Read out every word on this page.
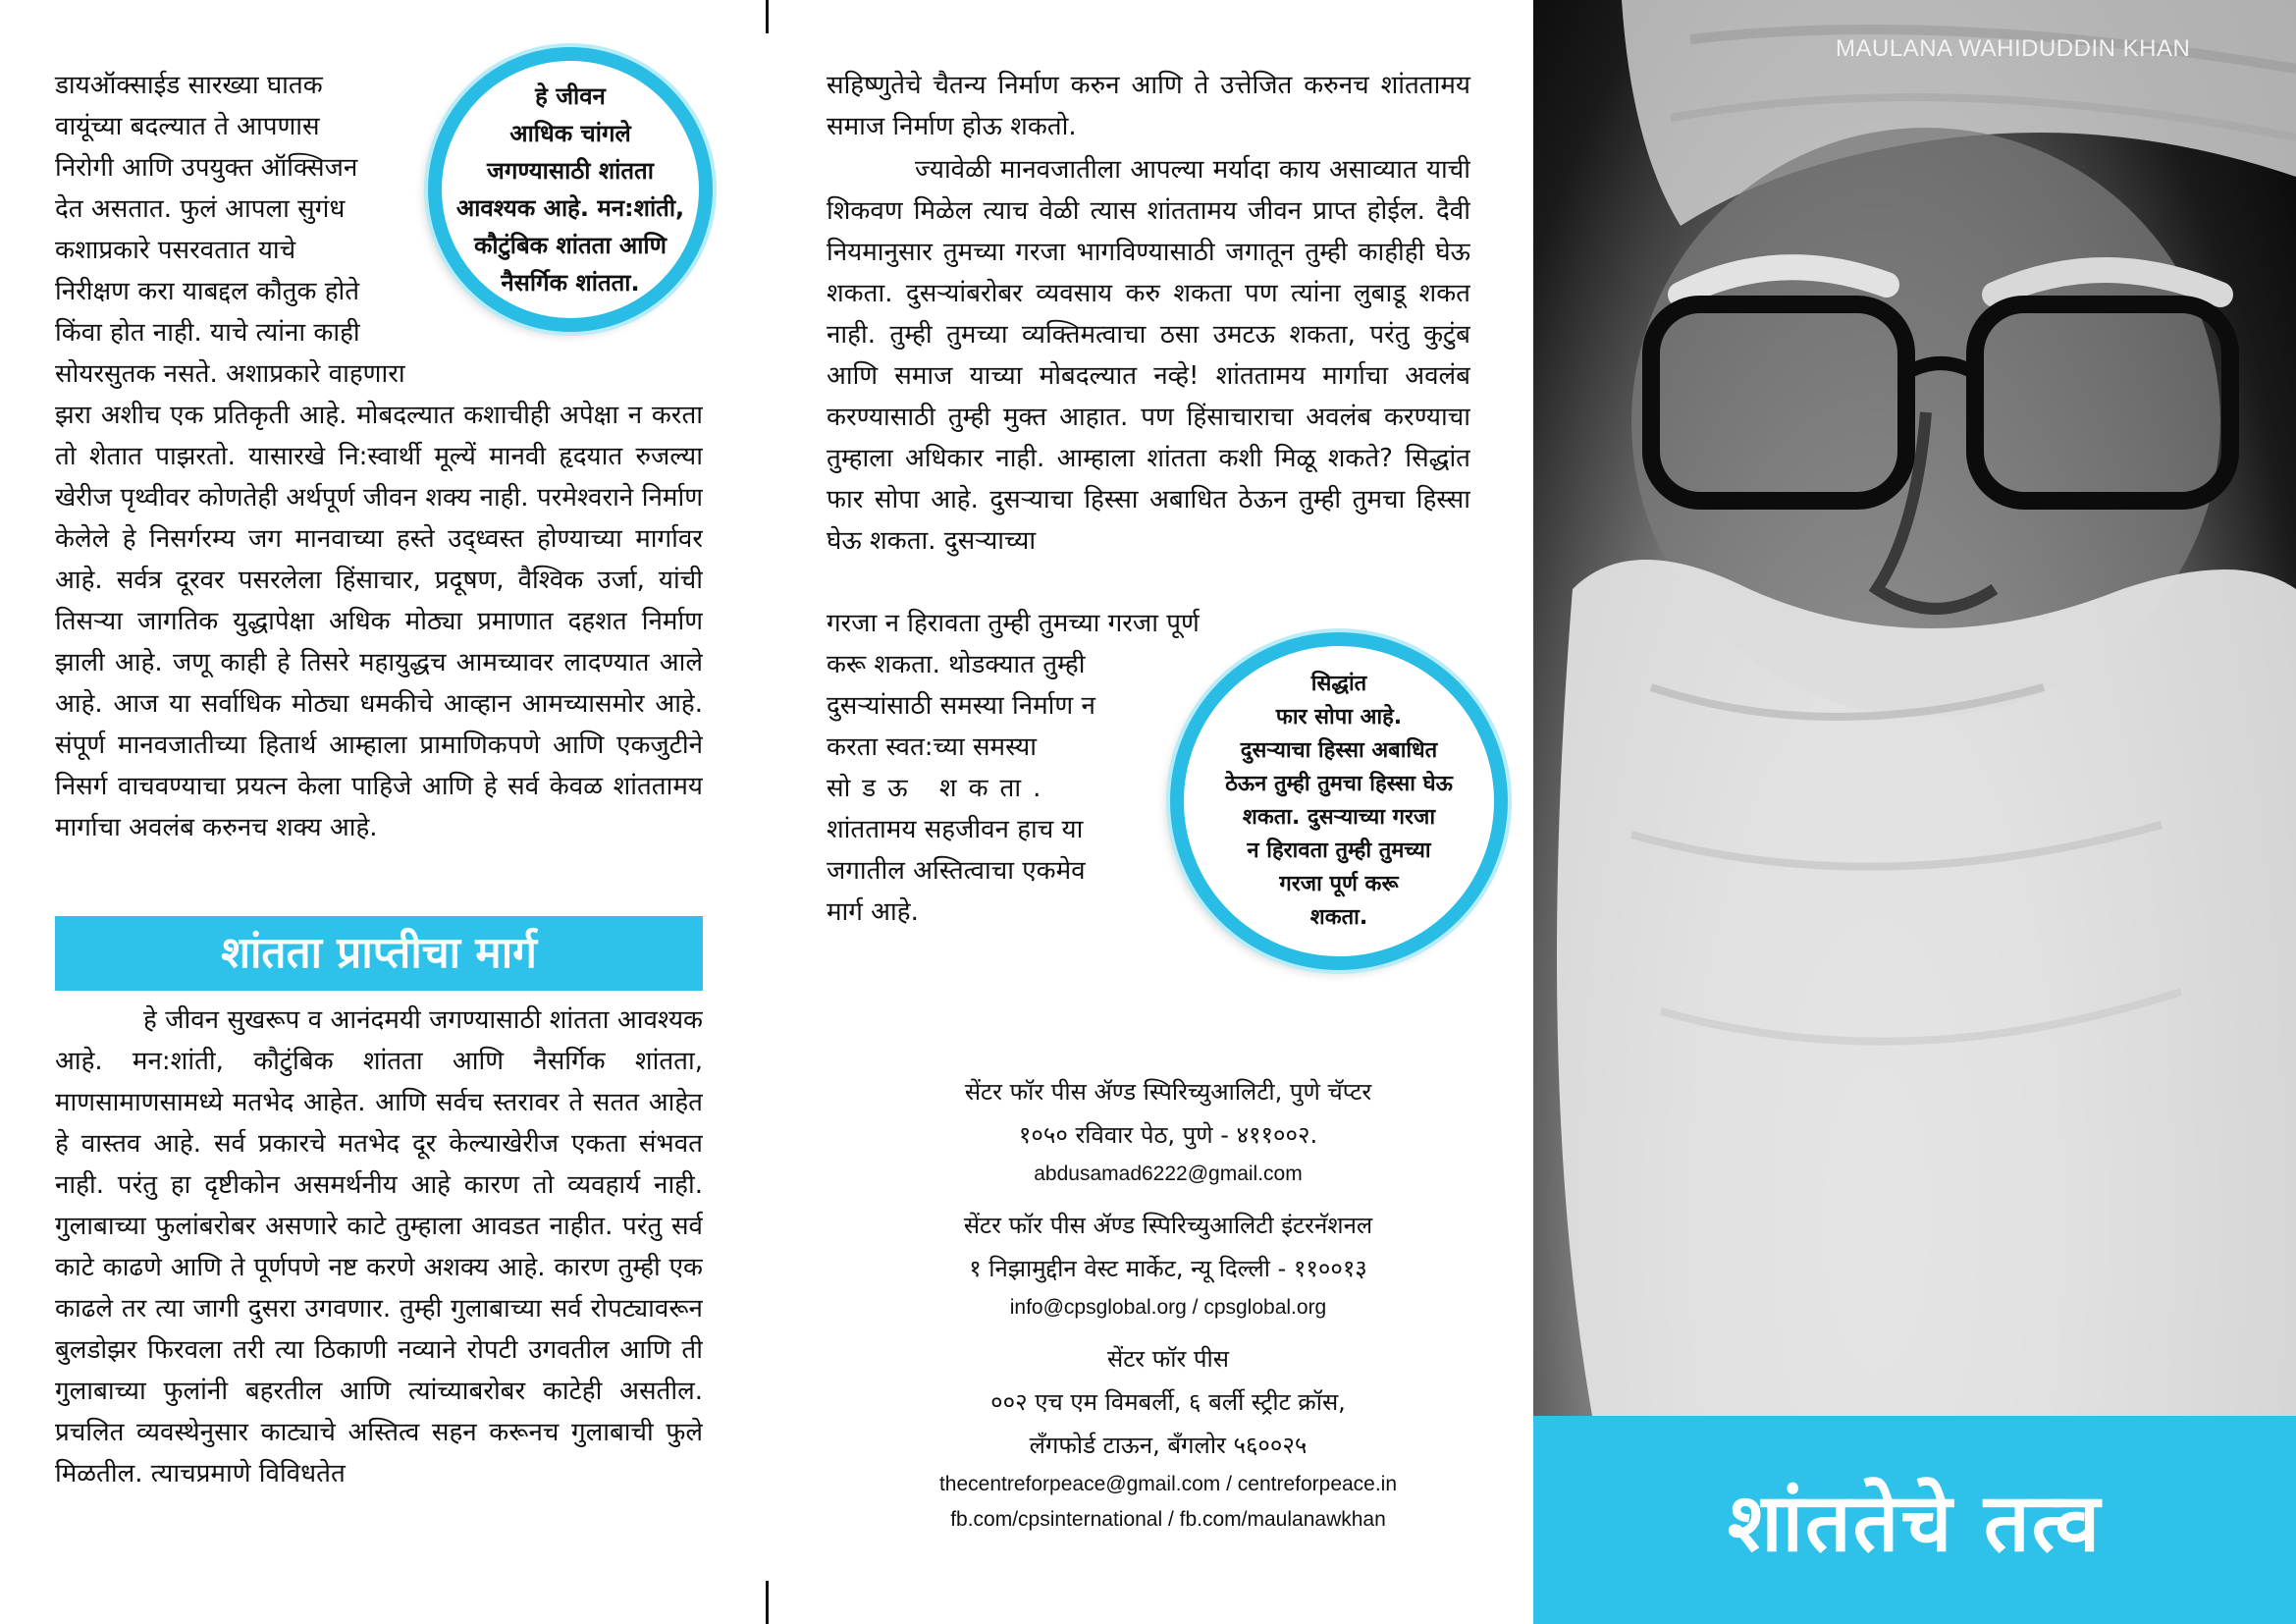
डायऑक्साईड सारख्या घातक

वायूंच्या बदल्यात ते आपणास

निरोगी आणि उपयुक्त ऑक्सिजन

देत असतात. फुलं आपला सुगंध

कशाप्रकारे पसरवतात याचे

निरीक्षण करा याबद्दल कौतुक होते

किंवा होत नाही. याचे त्यांना काही

सोयरसुतक नसते. अशाप्रकारे वाहणारा

झरा अशीच एक प्रतिकृती आहे. मोबदल्यात कशाचीही अपेक्षा न करता तो शेतात पाझरतो. यासारखे नि:स्वार्थी मूल्यें मानवी हृदयात रुजल्या खेरीज पृथ्वीवर कोणतेही अर्थपूर्ण जीवन शक्य नाही. परमेश्वराने निर्माण केलेले हे निसर्गरम्य जग मानवाच्या हस्ते उद्ध्वस्त होण्याच्या मार्गावर आहे. सर्वत्र दूरवर पसरलेला हिंसाचार, प्रदूषण, वैश्विक उर्जा, यांची तिसऱ्या जागतिक युद्धापेक्षा अधिक मोठ्या प्रमाणात दहशत निर्माण झाली आहे. जणू काही हे तिसरे महायुद्धच आमच्यावर लादण्यात आले आहे. आज या सर्वाधिक मोठ्या धमकीचे आव्हान आमच्यासमोर आहे. संपूर्ण मानवजातीच्या हितार्थ आम्हाला प्रामाणिकपणे आणि एकजुटीने निसर्ग वाचवण्याचा प्रयत्न केला पाहिजे आणि हे सर्व केवळ शांततामय मार्गाचा अवलंब करुनच शक्य आहे.

हे जीवन
आधिक चांगले
जगण्यासाठी शांतता
आवश्यक आहे. मन:शांती,
कौटुंबिक शांतता आणि
नैसर्गिक शांतता.
शांतता प्राप्तीचा मार्ग

हे जीवन सुखरूप व आनंदमयी जगण्यासाठी शांतता आवश्यक आहे. मन:शांती, कौटुंबिक शांतता आणि नैसर्गिक शांतता, माणसामाणसामध्ये मतभेद आहेत. आणि सर्वच स्तरावर ते सतत आहेत हे वास्तव आहे. सर्व प्रकारचे मतभेद दूर केल्याखेरीज एकता संभवत नाही. परंतु हा दृष्टीकोन असमर्थनीय आहे कारण तो व्यवहार्य नाही. गुलाबाच्या फुलांबरोबर असणारे काटे तुम्हाला आवडत नाहीत. परंतु सर्व काटे काढणे आणि ते पूर्णपणे नष्ट करणे अशक्य आहे. कारण तुम्ही एक काढले तर त्या जागी दुसरा उगवणार. तुम्ही गुलाबाच्या सर्व रोपट्यावरून बुलडोझर फिरवला तरी त्या ठिकाणी नव्याने रोपटी उगवतील आणि ती गुलाबाच्या फुलांनी बहरतील आणि त्यांच्याबरोबर काटेही असतील. प्रचलित व्यवस्थेनुसार काट्याचे अस्तित्व सहन करूनच गुलाबाची फुले मिळतील. त्याचप्रमाणे विविधतेत

सहिष्णुतेचे चैतन्य निर्माण करुन आणि ते उत्तेजित करुनच शांततामय समाज निर्माण होऊ शकतो.

ज्यावेळी मानवजातीला आपल्या मर्यादा काय असाव्यात याची शिकवण मिळेल त्याच वेळी त्यास शांततामय जीवन प्राप्त होईल. दैवी नियमानुसार तुमच्या गरजा भागविण्यासाठी जगातून तुम्ही काहीही घेऊ शकता. दुसऱ्यांबरोबर व्यवसाय करु शकता पण त्यांना लुबाडू शकत नाही. तुम्ही तुमच्या व्यक्तिमत्वाचा ठसा उमटऊ शकता, परंतु कुटुंब आणि समाज याच्या मोबदल्यात नव्हे! शांततामय मार्गाचा अवलंब करण्यासाठी तुम्ही मुक्त आहात. पण हिंसाचाराचा अवलंब करण्याचा तुम्हाला अधिकार नाही. आम्हाला शांतता कशी मिळू शकते? सिद्धांत फार सोपा आहे. दुसऱ्याचा हिस्सा अबाधित ठेऊन तुम्ही तुमचा हिस्सा घेऊ शकता. दुसऱ्याच्या

गरजा न हिरावता तुम्ही तुमच्या गरजा पूर्ण

करू शकता. थोडक्यात तुम्ही

दुसऱ्यांसाठी समस्या निर्माण न

करता स्वत:च्या समस्या

सोडऊ शकता.

शांततामय सहजीवन हाच या

जगातील अस्तित्वाचा एकमेव

मार्ग आहे.

सिद्धांत
फार सोपा आहे.
दुसऱ्याचा हिस्सा अबाधित
ठेऊन तुम्ही तुमचा हिस्सा घेऊ
शकता. दुसऱ्याच्या गरजा
न हिरावता तुम्ही तुमच्या
गरजा पूर्ण करू
शकता.
सेंटर फॉर पीस ॲण्ड स्पिरिच्युआलिटी, पुणे चॅप्टर
१०५० रविवार पेठ, पुणे - ४११००२.
abdusamad6222@gmail.com
सेंटर फॉर पीस ॲण्ड स्पिरिच्युआलिटी इंटरनॅशनल
१ निझामुद्दीन वेस्ट मार्केट, न्यू दिल्ली - ११००१३
info@cpsglobal.org / cpsglobal.org
सेंटर फॉर पीस
००२ एच एम विमबर्ली, ६ बर्ली स्ट्रीट क्रॉस,
लँगफोर्ड टाऊन, बँगलोर ५६००२५
thecentreforpeace@gmail.com / centreforpeace.in
fb.com/cpsinternational / fb.com/maulanawkhan
MAULANA WAHIDUDDIN KHAN
शांततेचे तत्व
